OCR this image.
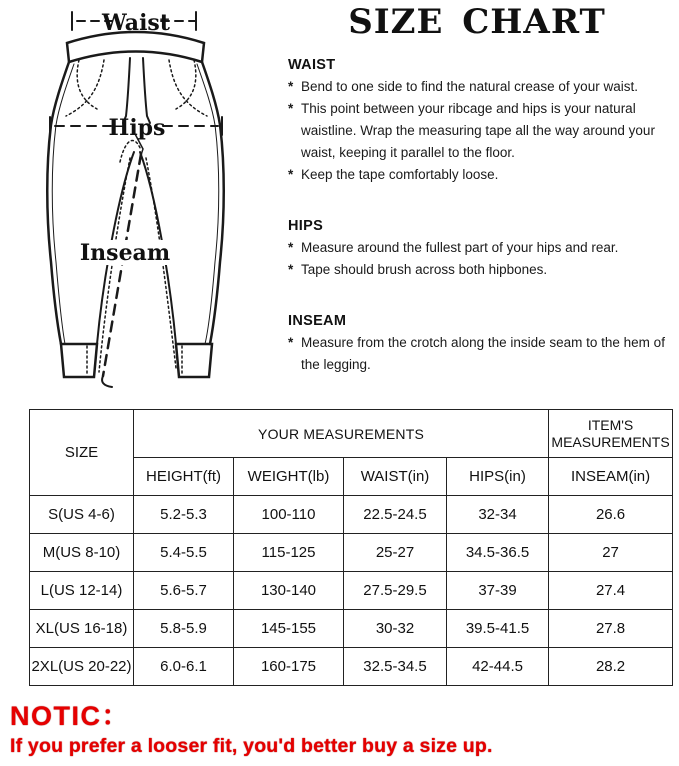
Waist
Hips
Inseam
SIZE CHART
WAIST
* Bend to one side to find the natural crease of your waist.
* This point between your ribcage and hips is your natural waistline. Wrap the measuring tape all the way around your waist, keeping it parallel to the floor.
* Keep the tape comfortably loose.
HIPS
* Measure around the fullest part of your hips and rear.
* Tape should brush across both hipbones.
INSEAM
* Measure from the crotch along the inside seam to the hem of the legging.
SIZE	YOUR MEASUREMENTS				ITEM'S MEASUREMENTS
	HEIGHT(ft)	WEIGHT(lb)	WAIST(in)	HIPS(in)	INSEAM(in)
S(US 4-6)	5.2-5.3	100-110	22.5-24.5	32-34	26.6
M(US 8-10)	5.4-5.5	115-125	25-27	34.5-36.5	27
L(US 12-14)	5.6-5.7	130-140	27.5-29.5	37-39	27.4
XL(US 16-18)	5.8-5.9	145-155	30-32	39.5-41.5	27.8
2XL(US 20-22)	6.0-6.1	160-175	32.5-34.5	42-44.5	28.2
NOTIC：
If you prefer a looser fit, you'd better buy a size up.
